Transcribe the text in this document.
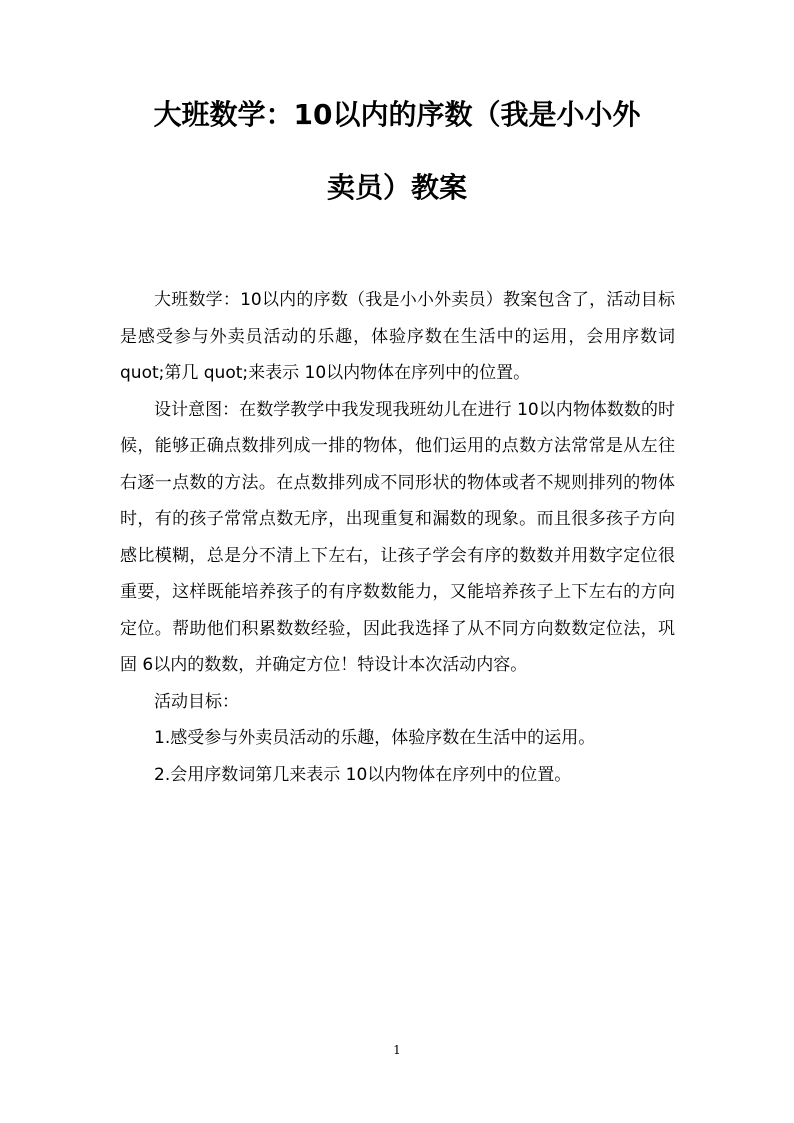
大班数学：10以内的序数（我是小小外
卖员）教案

大班数学：10以内的序数（我是小小外卖员）教案包含了，活动目标是感受参与外卖员活动的乐趣，体验序数在生活中的运用，会用序数词 quot;第几 quot;来表示 10以内物体在序列中的位置。

设计意图：在数学教学中我发现我班幼儿在进行 10以内物体数数的时候，能够正确点数排列成一排的物体，他们运用的点数方法常常是从左往右逐一点数的方法。在点数排列成不同形状的物体或者不规则排列的物体时，有的孩子常常点数无序，出现重复和漏数的现象。而且很多孩子方向感比模糊，总是分不清上下左右，让孩子学会有序的数数并用数字定位很重要，这样既能培养孩子的有序数数能力，又能培养孩子上下左右的方向定位。帮助他们积累数数经验，因此我选择了从不同方向数数定位法，巩固 6以内的数数，并确定方位！特设计本次活动内容。

活动目标：

1.感受参与外卖员活动的乐趣，体验序数在生活中的运用。

2.会用序数词第几来表示 10以内物体在序列中的位置。

1
